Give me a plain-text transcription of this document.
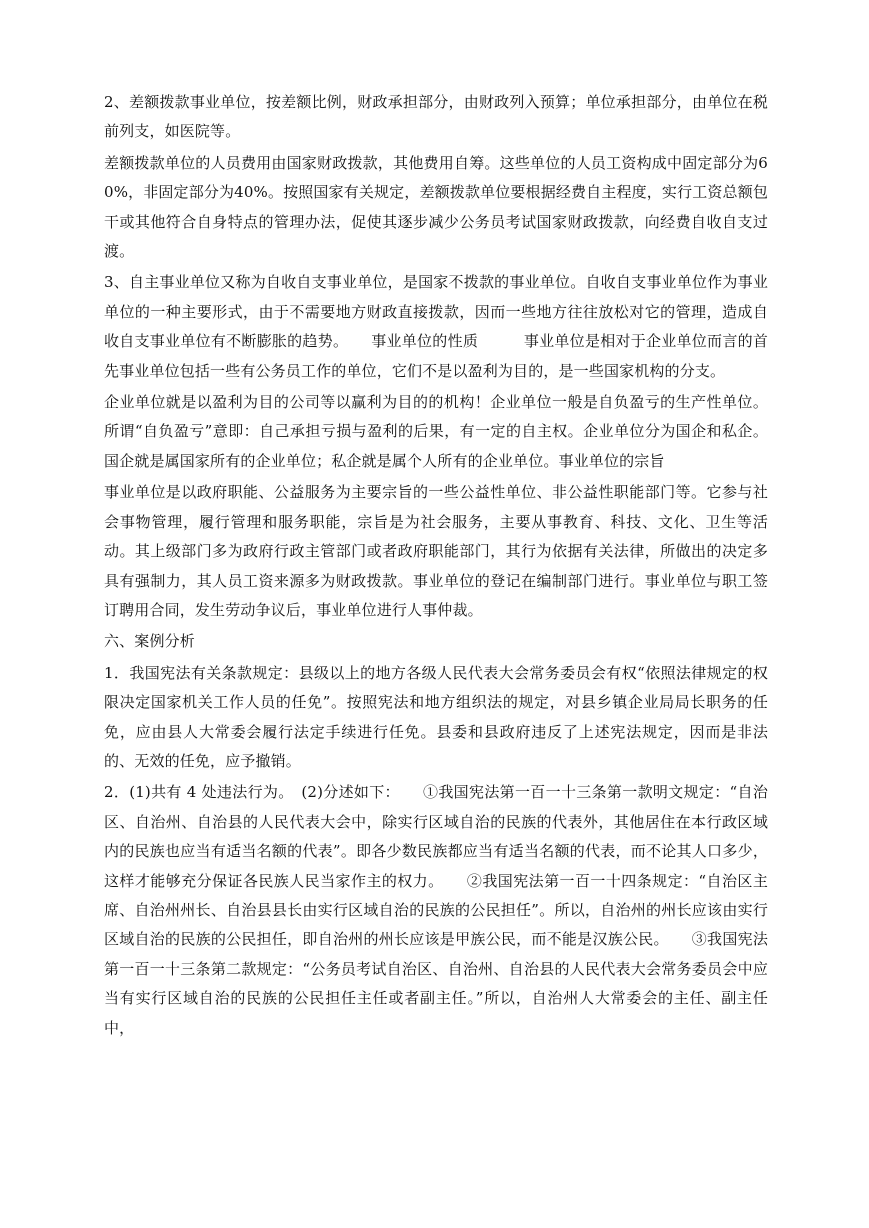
2、差额拨款事业单位，按差额比例，财政承担部分，由财政列入预算；单位承担部分，由单位在税前列支，如医院等。

差额拨款单位的人员费用由国家财政拨款，其他费用自筹。这些单位的人员工资构成中固定部分为60%，非固定部分为40%。按照国家有关规定，差额拨款单位要根据经费自主程度，实行工资总额包干或其他符合自身特点的管理办法，促使其逐步减少公务员考试国家财政拨款，向经费自收自支过渡。

3、自主事业单位又称为自收自支事业单位，是国家不拨款的事业单位。自收自支事业单位作为事业单位的一种主要形式，由于不需要地方财政直接拨款，因而一些地方往往放松对它的管理，造成自收自支事业单位有不断膨胀的趋势。　　事业单位的性质　　　事业单位是相对于企业单位而言的首先事业单位包括一些有公务员工作的单位，它们不是以盈利为目的，是一些国家机构的分支。

企业单位就是以盈利为目的公司等以赢利为目的的机构！企业单位一般是自负盈亏的生产性单位。所谓“自负盈亏”意即：自己承担亏损与盈利的后果，有一定的自主权。企业单位分为国企和私企。国企就是属国家所有的企业单位；私企就是属个人所有的企业单位。事业单位的宗旨

事业单位是以政府职能、公益服务为主要宗旨的一些公益性单位、非公益性职能部门等。它参与社会事物管理，履行管理和服务职能，宗旨是为社会服务，主要从事教育、科技、文化、卫生等活动。其上级部门多为政府行政主管部门或者政府职能部门，其行为依据有关法律，所做出的决定多具有强制力，其人员工资来源多为财政拨款。事业单位的登记在编制部门进行。事业单位与职工签订聘用合同，发生劳动争议后，事业单位进行人事仲裁。

六、案例分析

1．我国宪法有关条款规定：县级以上的地方各级人民代表大会常务委员会有权“依照法律规定的权限决定国家机关工作人员的任免”。按照宪法和地方组织法的规定，对县乡镇企业局局长职务的任免，应由县人大常委会履行法定手续进行任免。县委和县政府违反了上述宪法规定，因而是非法的、无效的任免，应予撤销。

2．(1)共有 4 处违法行为。　(2)分述如下：　　①我国宪法第一百一十三条第一款明文规定：“自治区、自治州、自治县的人民代表大会中，除实行区域自治的民族的代表外，其他居住在本行政区域内的民族也应当有适当名额的代表”。即各少数民族都应当有适当名额的代表，而不论其人口多少，这样才能够充分保证各民族人民当家作主的权力。　　②我国宪法第一百一十四条规定：“自治区主席、自治州州长、自治县县长由实行区域自治的民族的公民担任”。所以，自治州的州长应该由实行区域自治的民族的公民担任，即自治州的州长应该是甲族公民，而不能是汉族公民。　　③我国宪法第一百一十三条第二款规定：“公务员考试自治区、自治州、自治县的人民代表大会常务委员会中应当有实行区域自治的民族的公民担任主任或者副主任。”所以，自治州人大常委会的主任、副主任中，
